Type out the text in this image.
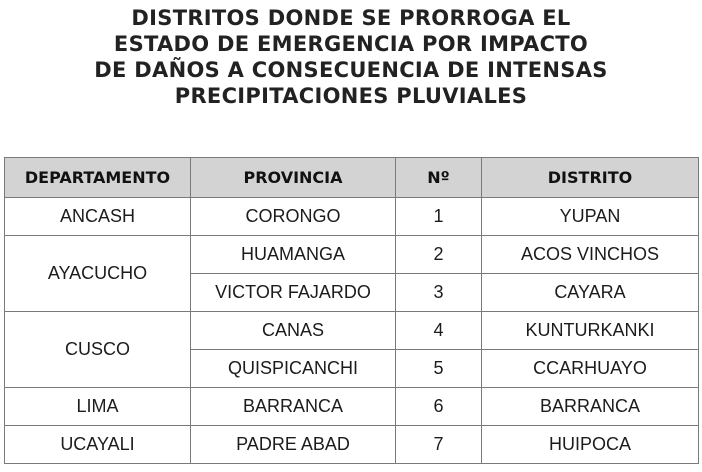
DISTRITOS DONDE SE PRORROGA EL
ESTADO DE EMERGENCIA POR IMPACTO
DE DAÑOS A CONSECUENCIA DE INTENSAS
PRECIPITACIONES PLUVIALES
DEPARTAMENTO	PROVINCIA	Nº	DISTRITO
ANCASH	CORONGO	1	YUPAN
AYACUCHO	HUAMANGA	2	ACOS VINCHOS
	VICTOR FAJARDO	3	CAYARA
CUSCO	CANAS	4	KUNTURKANKI
	QUISPICANCHI	5	CCARHUAYO
LIMA	BARRANCA	6	BARRANCA
UCAYALI	PADRE ABAD	7	HUIPOCA
